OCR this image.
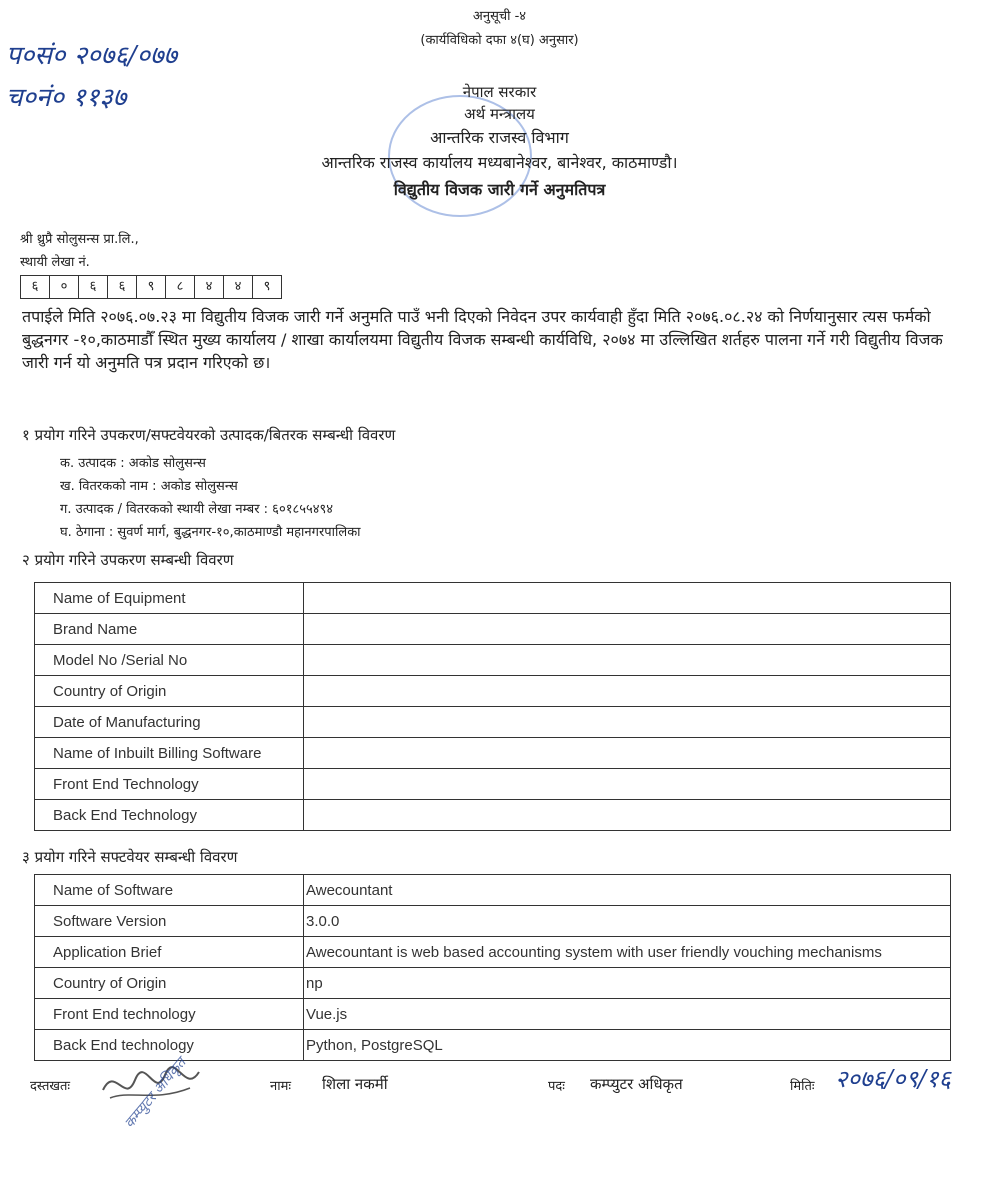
अनुसूची -४
(कार्यविधिको दफा ४(घ) अनुसार)
प०सं० २०७६/०७७
च०नं० ११३७	नेपाल सरकार
अर्थ मन्त्रालय
आन्तरिक राजस्व विभाग
आन्तरिक राजस्व कार्यालय मध्यबानेश्वर, बानेश्वर, काठमाण्डौ।
विद्युतीय विजक जारी गर्ने अनुमतिपत्र
श्री थ्रुप्रै सोलुसन्स प्रा.लि.,
स्थायी लेखा नं.
६	०	६	६	९	८	४	४	९
तपाईले मिति २०७६.०७.२३ मा विद्युतीय विजक जारी गर्ने अनुमति पाउँ भनी दिएको निवेदन उपर कार्यवाही हुँदा मिति २०७६.०८.२४ को निर्णयानुसार त्यस फर्मको बुद्धनगर -१०,काठमाडौँ स्थित मुख्य कार्यालय / शाखा कार्यालयमा विद्युतीय विजक सम्बन्धी कार्यविधि, २०७४ मा उल्लिखित शर्तहरु पालना गर्ने गरी विद्युतीय विजक जारी गर्न यो अनुमति पत्र प्रदान गरिएको छ।
१ प्रयोग गरिने उपकरण/सफ्टवेयरको उत्पादक/बितरक सम्बन्धी विवरण
क. उत्पादक : अकोड सोलुसन्स
ख. वितरकको नाम : अकोड सोलुसन्स
ग. उत्पादक / वितरकको स्थायी लेखा नम्बर : ६०१८५५४९४
घ. ठेगाना : सुवर्ण मार्ग, बुद्धनगर-१०,काठमाण्डौ महानगरपालिका
२ प्रयोग गरिने उपकरण सम्बन्धी विवरण
Name of Equipment	
Brand Name	
Model No /Serial No	
Country of Origin	
Date of Manufacturing	
Name of Inbuilt Billing Software	
Front End Technology	
Back End Technology	
३ प्रयोग गरिने सफ्टवेयर सम्बन्धी विवरण
Name of Software	Awecountant
Software Version	3.0.0
Application Brief	Awecountant is web based accounting system with user friendly vouching mechanisms
Country of Origin	np
Front End technology	Vue.js
Back End technology	Python, PostgreSQL
दस्तखतः	कम्प्युटर अधिकृत	नामः शिला नकर्मी	पदः कम्प्युटर अधिकृत	मितिः २०७६/०९/१६
